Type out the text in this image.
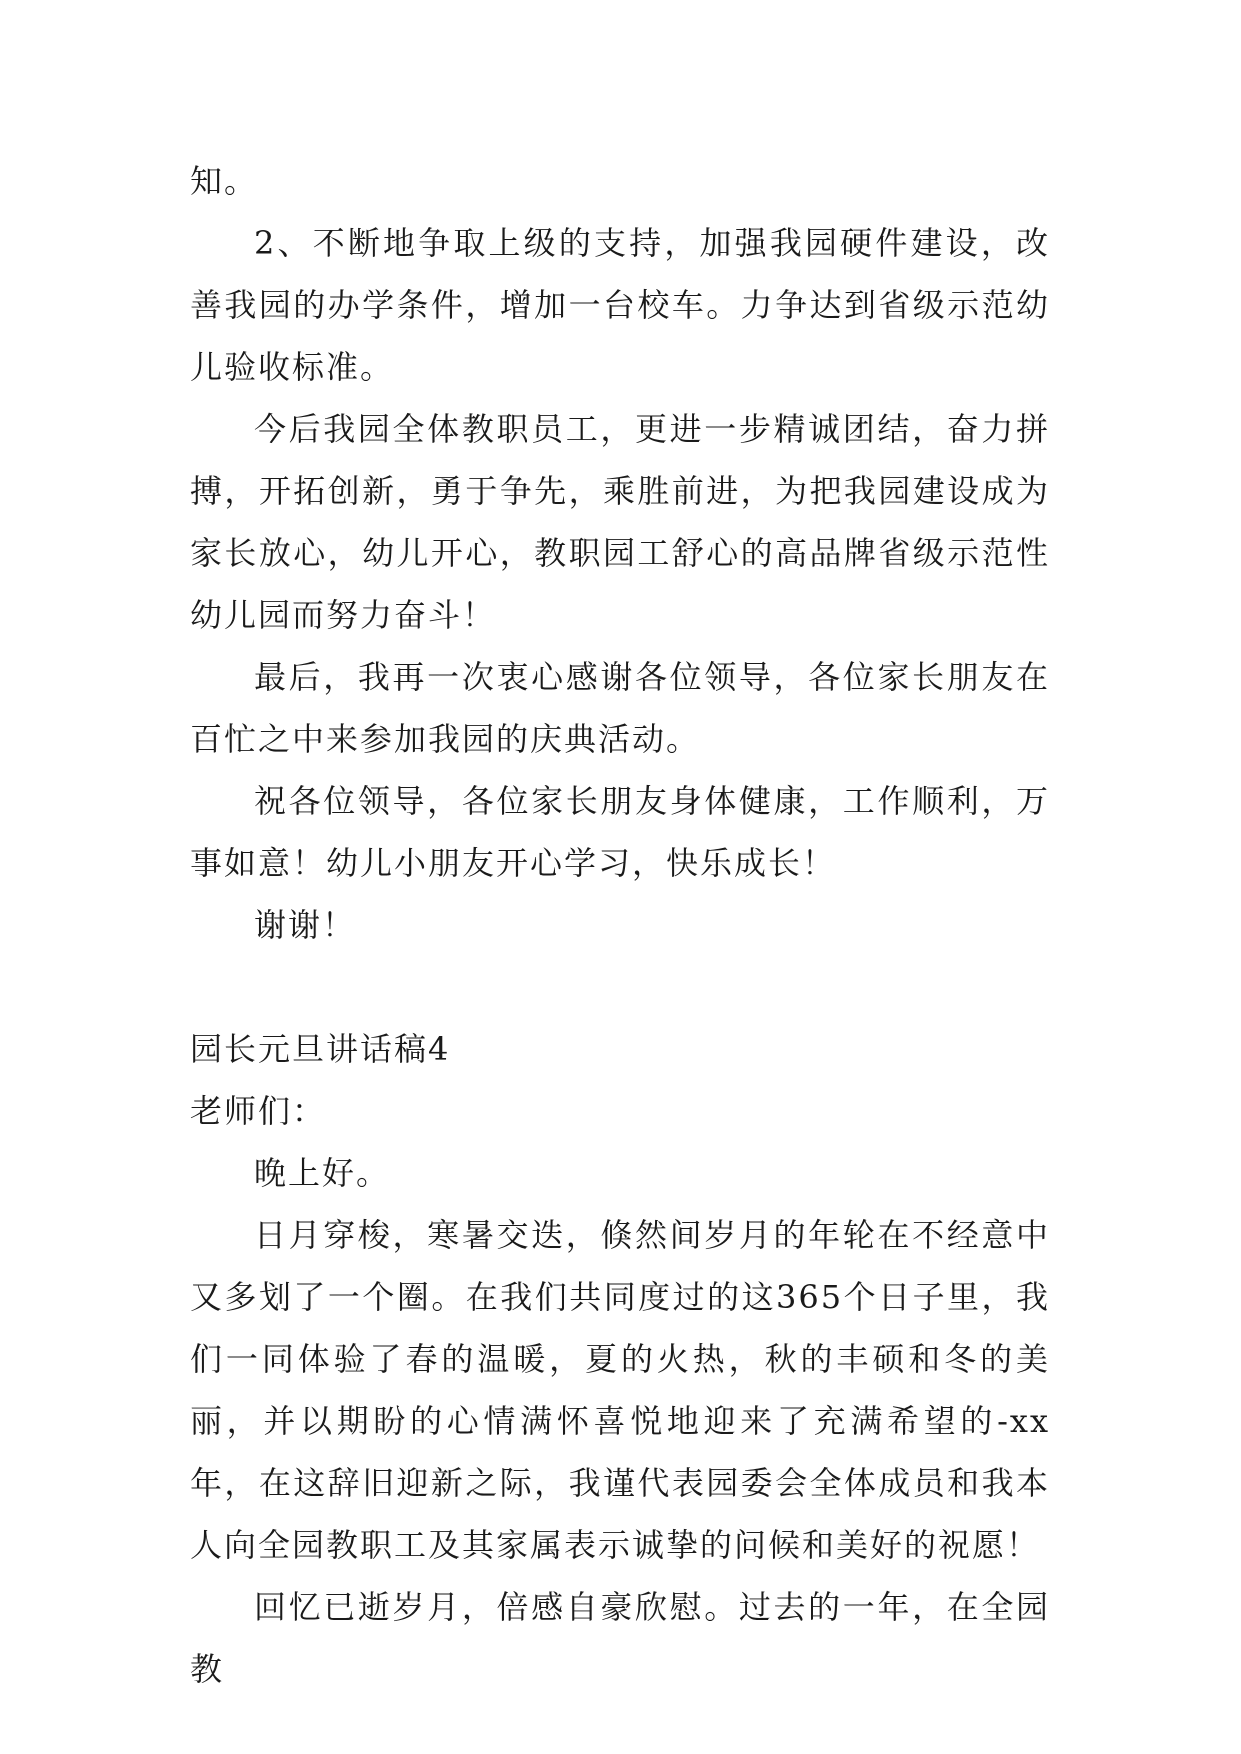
知。

2、不断地争取上级的支持，加强我园硬件建设，改善我园的办学条件，增加一台校车。力争达到省级示范幼儿验收标准。

今后我园全体教职员工，更进一步精诚团结，奋力拼搏，开拓创新，勇于争先，乘胜前进，为把我园建设成为家长放心，幼儿开心，教职园工舒心的高品牌省级示范性幼儿园而努力奋斗！

最后，我再一次衷心感谢各位领导，各位家长朋友在百忙之中来参加我园的庆典活动。

祝各位领导，各位家长朋友身体健康，工作顺利，万事如意！幼儿小朋友开心学习，快乐成长！

谢谢！

园长元旦讲话稿4

老师们：

晚上好。

日月穿梭，寒暑交迭，倏然间岁月的年轮在不经意中又多划了一个圈。在我们共同度过的这365个日子里，我们一同体验了春的温暖，夏的火热，秋的丰硕和冬的美丽，并以期盼的心情满怀喜悦地迎来了充满希望的-xx年，在这辞旧迎新之际，我谨代表园委会全体成员和我本人向全园教职工及其家属表示诚挚的问候和美好的祝愿！

回忆已逝岁月，倍感自豪欣慰。过去的一年，在全园教
